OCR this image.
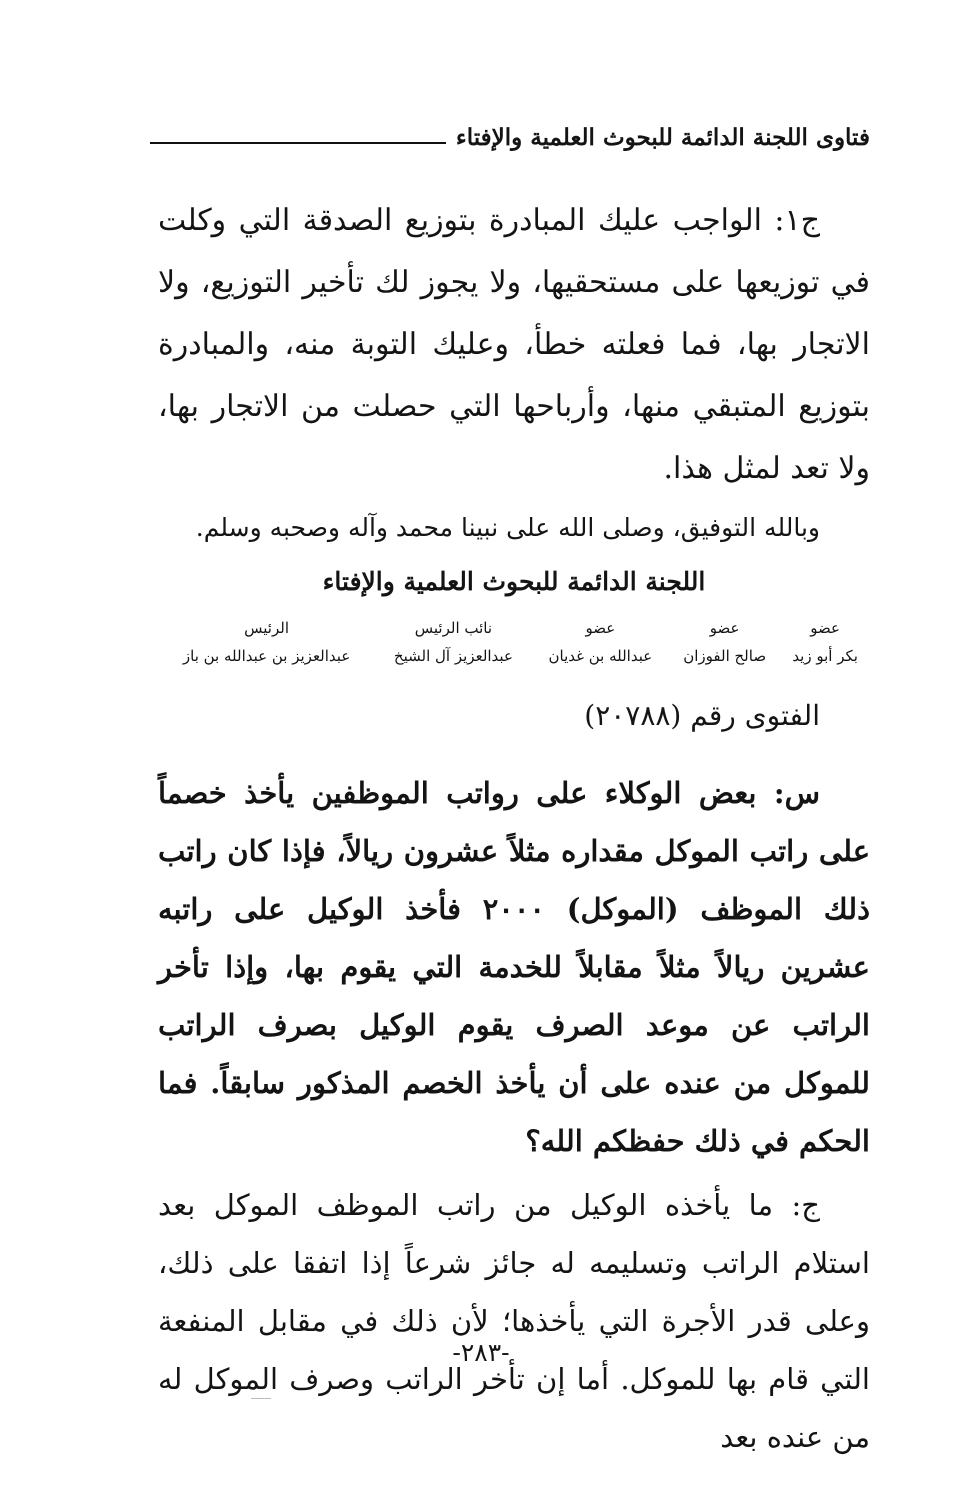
فتاوى اللجنة الدائمة للبحوث العلمية والإفتاء

ج١: الواجب عليك المبادرة بتوزيع الصدقة التي وكلت في توزيعها على مستحقيها، ولا يجوز لك تأخير التوزيع، ولا الاتجار بها، فما فعلته خطأ، وعليك التوبة منه، والمبادرة بتوزيع المتبقي منها، وأرباحها التي حصلت من الاتجار بها، ولا تعد لمثل هذا.

وبالله التوفيق، وصلى الله على نبينا محمد وآله وصحبه وسلم.

اللجنة الدائمة للبحوث العلمية والإفتاء

عضو	عضو	عضو	نائب الرئيس	الرئيس
بكر أبو زيد	صالح الفوزان	عبدالله بن غديان	عبدالعزيز آل الشيخ	عبدالعزيز بن عبدالله بن باز

الفتوى رقم (٢٠٧٨٨)

س: بعض الوكلاء على رواتب الموظفين يأخذ خصماً على راتب الموكل مقداره مثلاً عشرون ريالاً، فإذا كان راتب ذلك الموظف (الموكل) ٢٠٠٠ فأخذ الوكيل على راتبه عشرين ريالاً مثلاً مقابلاً للخدمة التي يقوم بها، وإذا تأخر الراتب عن موعد الصرف يقوم الوكيل بصرف الراتب للموكل من عنده على أن يأخذ الخصم المذكور سابقاً. فما الحكم في ذلك حفظكم الله؟

ج: ما يأخذه الوكيل من راتب الموظف الموكل بعد استلام الراتب وتسليمه له جائز شرعاً إذا اتفقا على ذلك، وعلى قدر الأجرة التي يأخذها؛ لأن ذلك في مقابل المنفعة التي قام بها للموكل. أما إن تأخر الراتب وصرف الموكل له من عنده بعد

-٢٨٣-
